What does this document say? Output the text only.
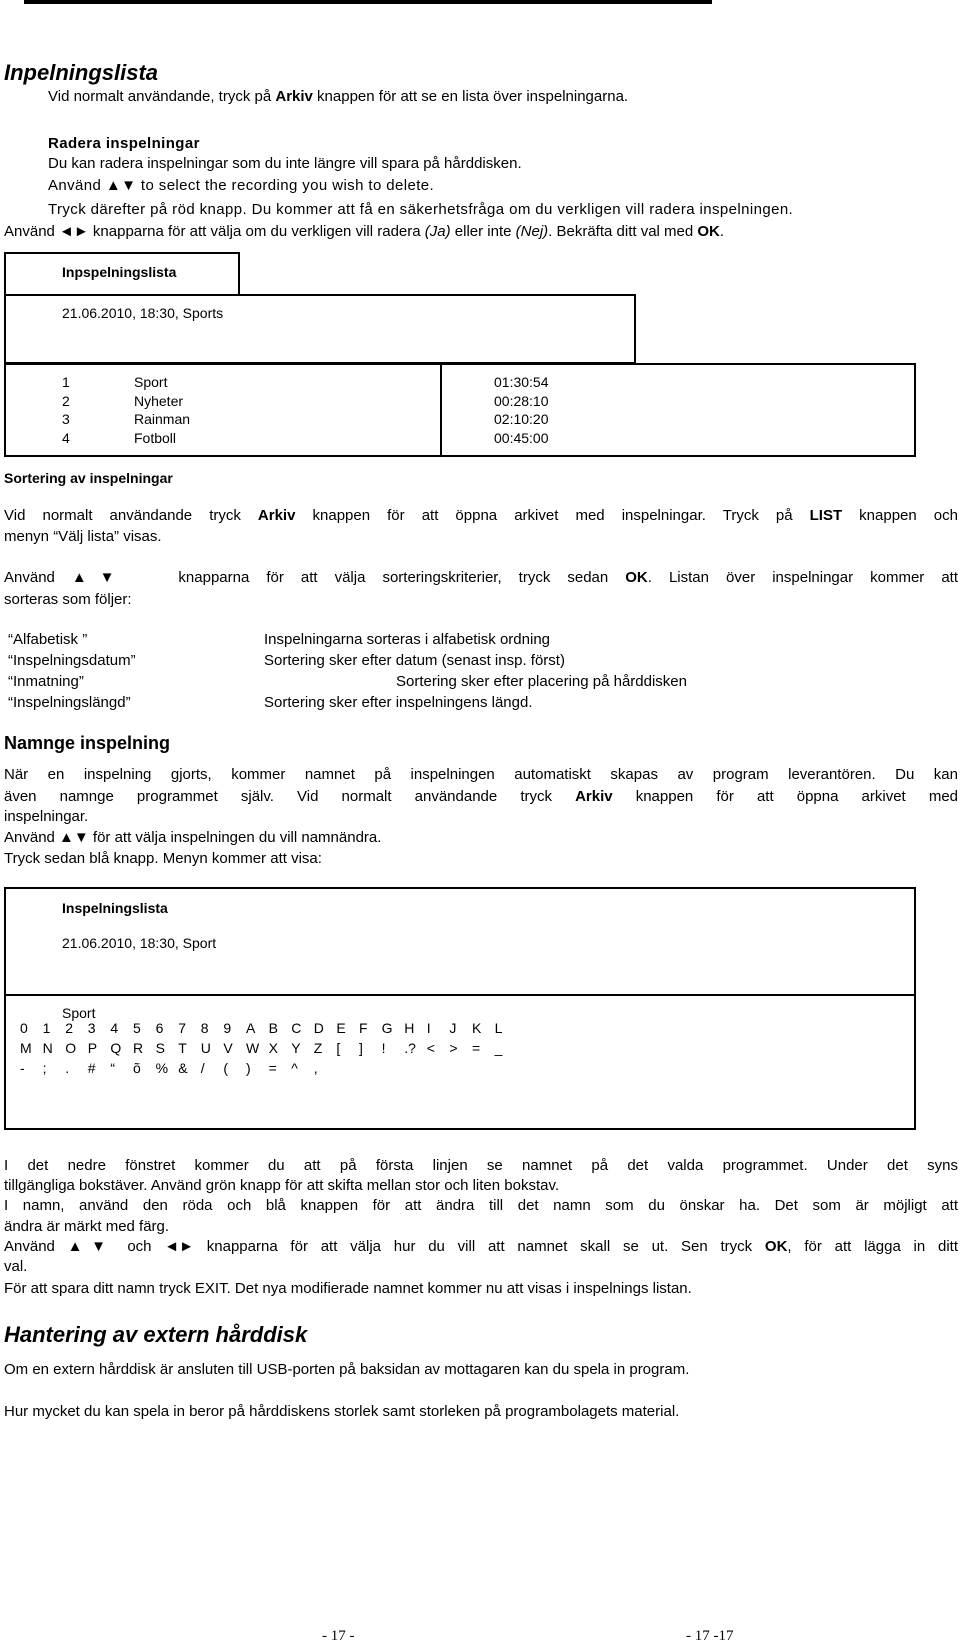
Inpelningslista
Vid normalt användande, tryck på Arkiv knappen för att se en lista över inspelningarna.
Radera inspelningar
Du kan radera inspelningar som du inte längre vill spara på hårddisken.
Använd ▲▼ to select the recording you wish to delete.
Tryck därefter på röd knapp. Du kommer att få en säkerhetsfråga om du verkligen vill radera inspelningen.
Använd ◄► knapparna för att välja om du verkligen vill radera (Ja) eller inte (Nej). Bekräfta ditt val med OK.
Inpspelningslista
21.06.2010, 18:30, Sports
1	Sport	01:30:54
2	Nyheter	00:28:10
3	Rainman	02:10:20
4	Fotboll	00:45:00
Sortering av inspelningar
Vid normalt användande tryck Arkiv knappen för att öppna arkivet med inspelningar. Tryck på LIST knappen och
menyn “Välj lista” visas.
Använd ▲▼   knapparna för att välja sorteringskriterier, tryck sedan OK. Listan över inspelningar kommer att
sorteras som följer:
“Alfabetisk ”	Inspelningarna sorteras i alfabetisk ordning
“Inspelningsdatum”	Sortering sker efter datum (senast insp. först)
“Inmatning”	Sortering sker efter placering på hårddisken
“Inspelningslängd”	Sortering sker efter inspelningens längd.
Namnge inspelning
När en inspelning gjorts, kommer namnet på inspelningen automatiskt skapas av program leverantören. Du kan
även namnge programmet själv. Vid normalt användande tryck Arkiv knappen för att öppna arkivet med
inspelningar.
Använd ▲▼ för att välja inspelningen du vill namnändra.
Tryck sedan blå knapp. Menyn kommer att visa:
Inspelningslista
21.06.2010, 18:30, Sport
Sport
0 1 2 3 4 5 6 7 8 9 A B C D E F G H I J K L
M N O P Q R S T U V W X Y Z [ ] ! .? < > = _
- ; . # “ õ % & / ( ) = ^ ,
I det nedre fönstret kommer du att på första linjen se namnet på det valda programmet. Under det syns
tillgängliga bokstäver. Använd grön knapp för att skifta mellan stor och liten bokstav.
I namn, använd den röda och blå knappen för att ändra till det namn som du önskar ha. Det som är möjligt att
ändra är märkt med färg.
Använd ▲▼ och ◄► knapparna för att välja hur du vill att namnet skall se ut. Sen tryck OK, för att lägga in ditt
val.
För att spara ditt namn tryck EXIT. Det nya modifierade namnet kommer nu att visas i inspelnings listan.
Hantering av extern hårddisk
Om en extern hårddisk är ansluten till USB-porten på baksidan av mottagaren kan du spela in program.
Hur mycket du kan spela in beror på hårddiskens storlek samt storleken på programbolagets material.
- 17 -	- 17 -17
